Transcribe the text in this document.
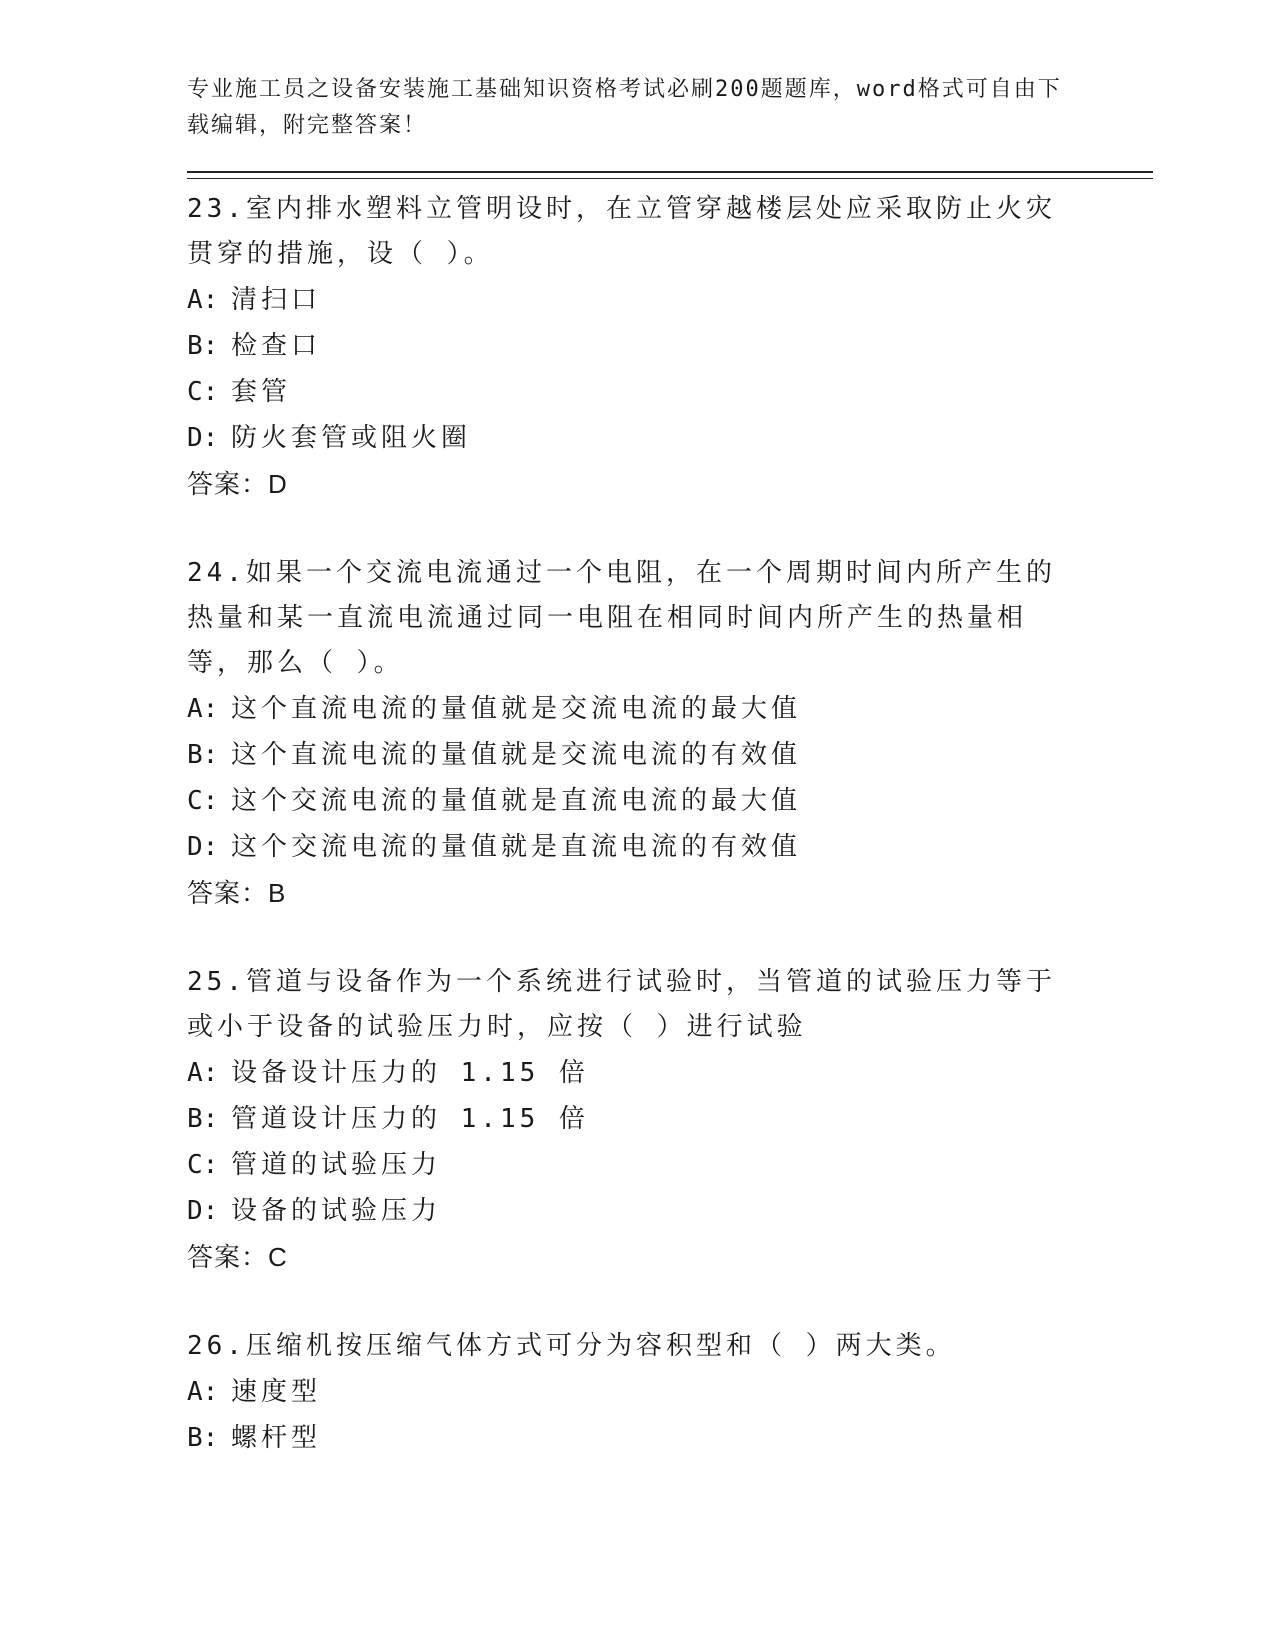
专业施工员之设备安装施工基础知识资格考试必刷200题题库，word格式可自由下载编辑，附完整答案！

23.室内排水塑料立管明设时，在立管穿越楼层处应采取防止火灾贯穿的措施，设（ ）。

A: 清扫口

B: 检查口

C: 套管

D: 防火套管或阻火圈

答案：D

24.如果一个交流电流通过一个电阻，在一个周期时间内所产生的热量和某一直流电流通过同一电阻在相同时间内所产生的热量相等，那么（ ）。

A: 这个直流电流的量值就是交流电流的最大值

B: 这个直流电流的量值就是交流电流的有效值

C: 这个交流电流的量值就是直流电流的最大值

D: 这个交流电流的量值就是直流电流的有效值

答案：B

25.管道与设备作为一个系统进行试验时，当管道的试验压力等于或小于设备的试验压力时，应按（ ）进行试验

A: 设备设计压力的 1.15 倍

B: 管道设计压力的 1.15 倍

C: 管道的试验压力

D: 设备的试验压力

答案：C

26.压缩机按压缩气体方式可分为容积型和（ ）两大类。

A: 速度型

B: 螺杆型
